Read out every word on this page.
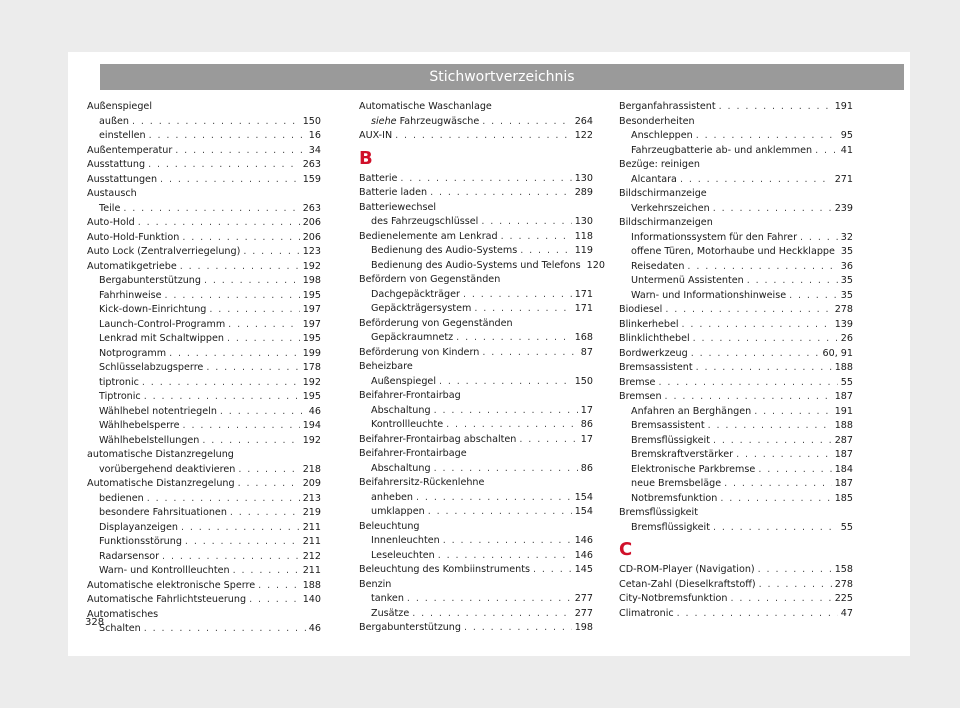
Stichwortverzeichnis
Außenspiegel
außen . . .	150
einstellen . . .	16
Außentemperatur . . .	34
Ausstattung . . .	263
Ausstattungen . . .	159
Austausch
Teile . . .	263
Auto-Hold . . .	206
Auto-Hold-Funktion . . .	206
Auto Lock (Zentralverriegelung) . . .	123
Automatikgetriebe . . .	192
Bergabunterstützung . . .	198
Fahrhinweise . . .	195
Kick-down-Einrichtung . . .	197
Launch-Control-Programm . . .	197
Lenkrad mit Schaltwippen . . .	195
Notprogramm . . .	199
Schlüsselabzugsperre . . .	178
tiptronic . . .	192
Tiptronic . . .	195
Wählhebel notentriegeln . . .	46
Wählhebelsperre . . .	194
Wählhebelstellungen . . .	192
automatische Distanzregelung
vorübergehend deaktivieren . . .	218
Automatische Distanzregelung . . .	209
bedienen . . .	213
besondere Fahrsituationen . . .	219
Displayanzeigen . . .	211
Funktionsstörung . . .	211
Radarsensor . . .	212
Warn- und Kontrollleuchten . . .	211
Automatische elektronische Sperre . . .	188
Automatische Fahrlichtsteuerung . . .	140
Automatisches
Schalten . . .	46
Automatische Waschanlage
siehe Fahrzeugwäsche . . .	264
AUX-IN . . .	122
B
Batterie . . .	130
Batterie laden . . .	289
Batteriewechsel
des Fahrzeugschlüssel . . .	130
Bedienelemente am Lenkrad . . .	118
Bedienung des Audio-Systems . . .	119
Bedienung des Audio-Systems und Telefons 120
Befördern von Gegenständen
Dachgepäckträger . . .	171
Gepäckträgersystem . . .	171
Beförderung von Gegenständen
Gepäckraumnetz . . .	168
Beförderung von Kindern . . .	87
Beheizbare
Außenspiegel . . .	150
Beifahrer-Frontairbag
Abschaltung . . .	17
Kontrollleuchte . . .	86
Beifahrer-Frontairbag abschalten . . .	17
Beifahrer-Frontairbage
Abschaltung . . .	86
Beifahrersitz-Rückenlehne
anheben . . .	154
umklappen . . .	154
Beleuchtung
Innenleuchten . . .	146
Leseleuchten . . .	146
Beleuchtung des Kombiinstruments . . .	145
Benzin
tanken . . .	277
Zusätze . . .	277
Bergabunterstützung . . .	198
Berganfahrassistent . . .	191
Besonderheiten
Anschleppen . . .	95
Fahrzeugbatterie ab- und anklemmen . . .	41
Bezüge: reinigen
Alcantara . . .	271
Bildschirmanzeige
Verkehrszeichen . . .	239
Bildschirmanzeigen
Informationssystem für den Fahrer . . .	32
offene Türen, Motorhaube und Heckklappe 35
Reisedaten . . .	36
Untermenü Assistenten . . .	35
Warn- und Informationshinweise . . .	35
Biodiesel . . .	278
Blinkerhebel . . .	139
Blinklichthebel . . .	26
Bordwerkzeug . . .	60, 91
Bremsassistent . . .	188
Bremse . . .	55
Bremsen . . .	187
Anfahren an Berghängen . . .	191
Bremsassistent . . .	188
Bremsflüssigkeit . . .	287
Bremskraftverstärker . . .	187
Elektronische Parkbremse . . .	184
neue Bremsbeläge . . .	187
Notbremsfunktion . . .	185
Bremsflüssigkeit
Bremsflüssigkeit . . .	55
C
CD-ROM-Player (Navigation) . . .	158
Cetan-Zahl (Dieselkraftstoff) . . .	278
City-Notbremsfunktion . . .	225
Climatronic . . .	47
328
